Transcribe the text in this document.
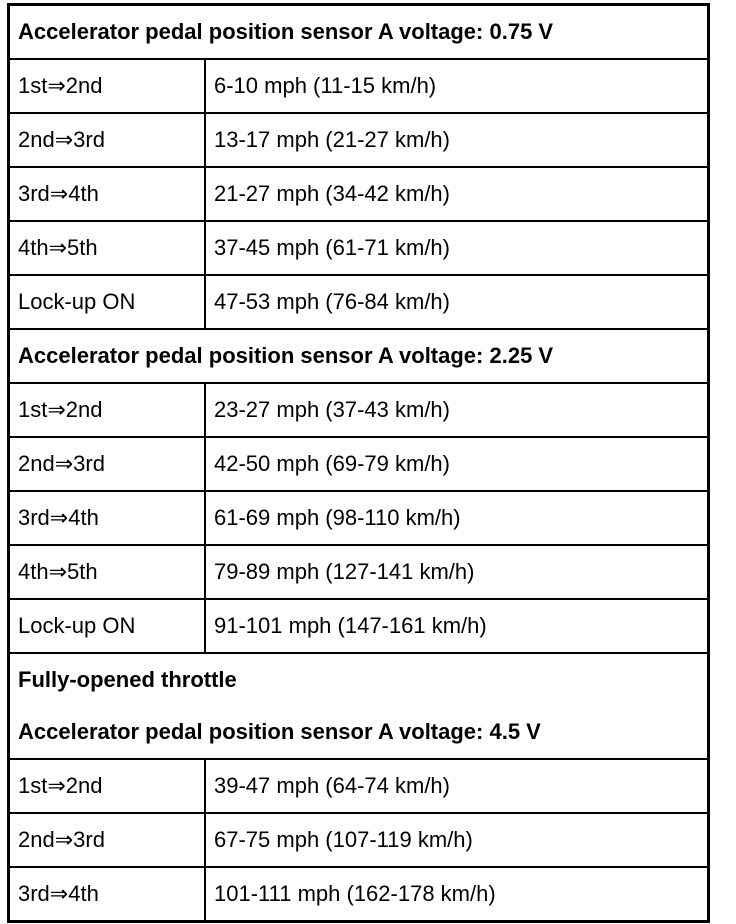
Accelerator pedal position sensor A voltage: 0.75 V
1st⇒2nd	6-10 mph (11-15 km/h)
2nd⇒3rd	13-17 mph (21-27 km/h)
3rd⇒4th	21-27 mph (34-42 km/h)
4th⇒5th	37-45 mph (61-71 km/h)
Lock-up ON	47-53 mph (76-84 km/h)
Accelerator pedal position sensor A voltage: 2.25 V
1st⇒2nd	23-27 mph (37-43 km/h)
2nd⇒3rd	42-50 mph (69-79 km/h)
3rd⇒4th	61-69 mph (98-110 km/h)
4th⇒5th	79-89 mph (127-141 km/h)
Lock-up ON	91-101 mph (147-161 km/h)
Fully-opened throttle
Accelerator pedal position sensor A voltage: 4.5 V
1st⇒2nd	39-47 mph (64-74 km/h)
2nd⇒3rd	67-75 mph (107-119 km/h)
3rd⇒4th	101-111 mph (162-178 km/h)
